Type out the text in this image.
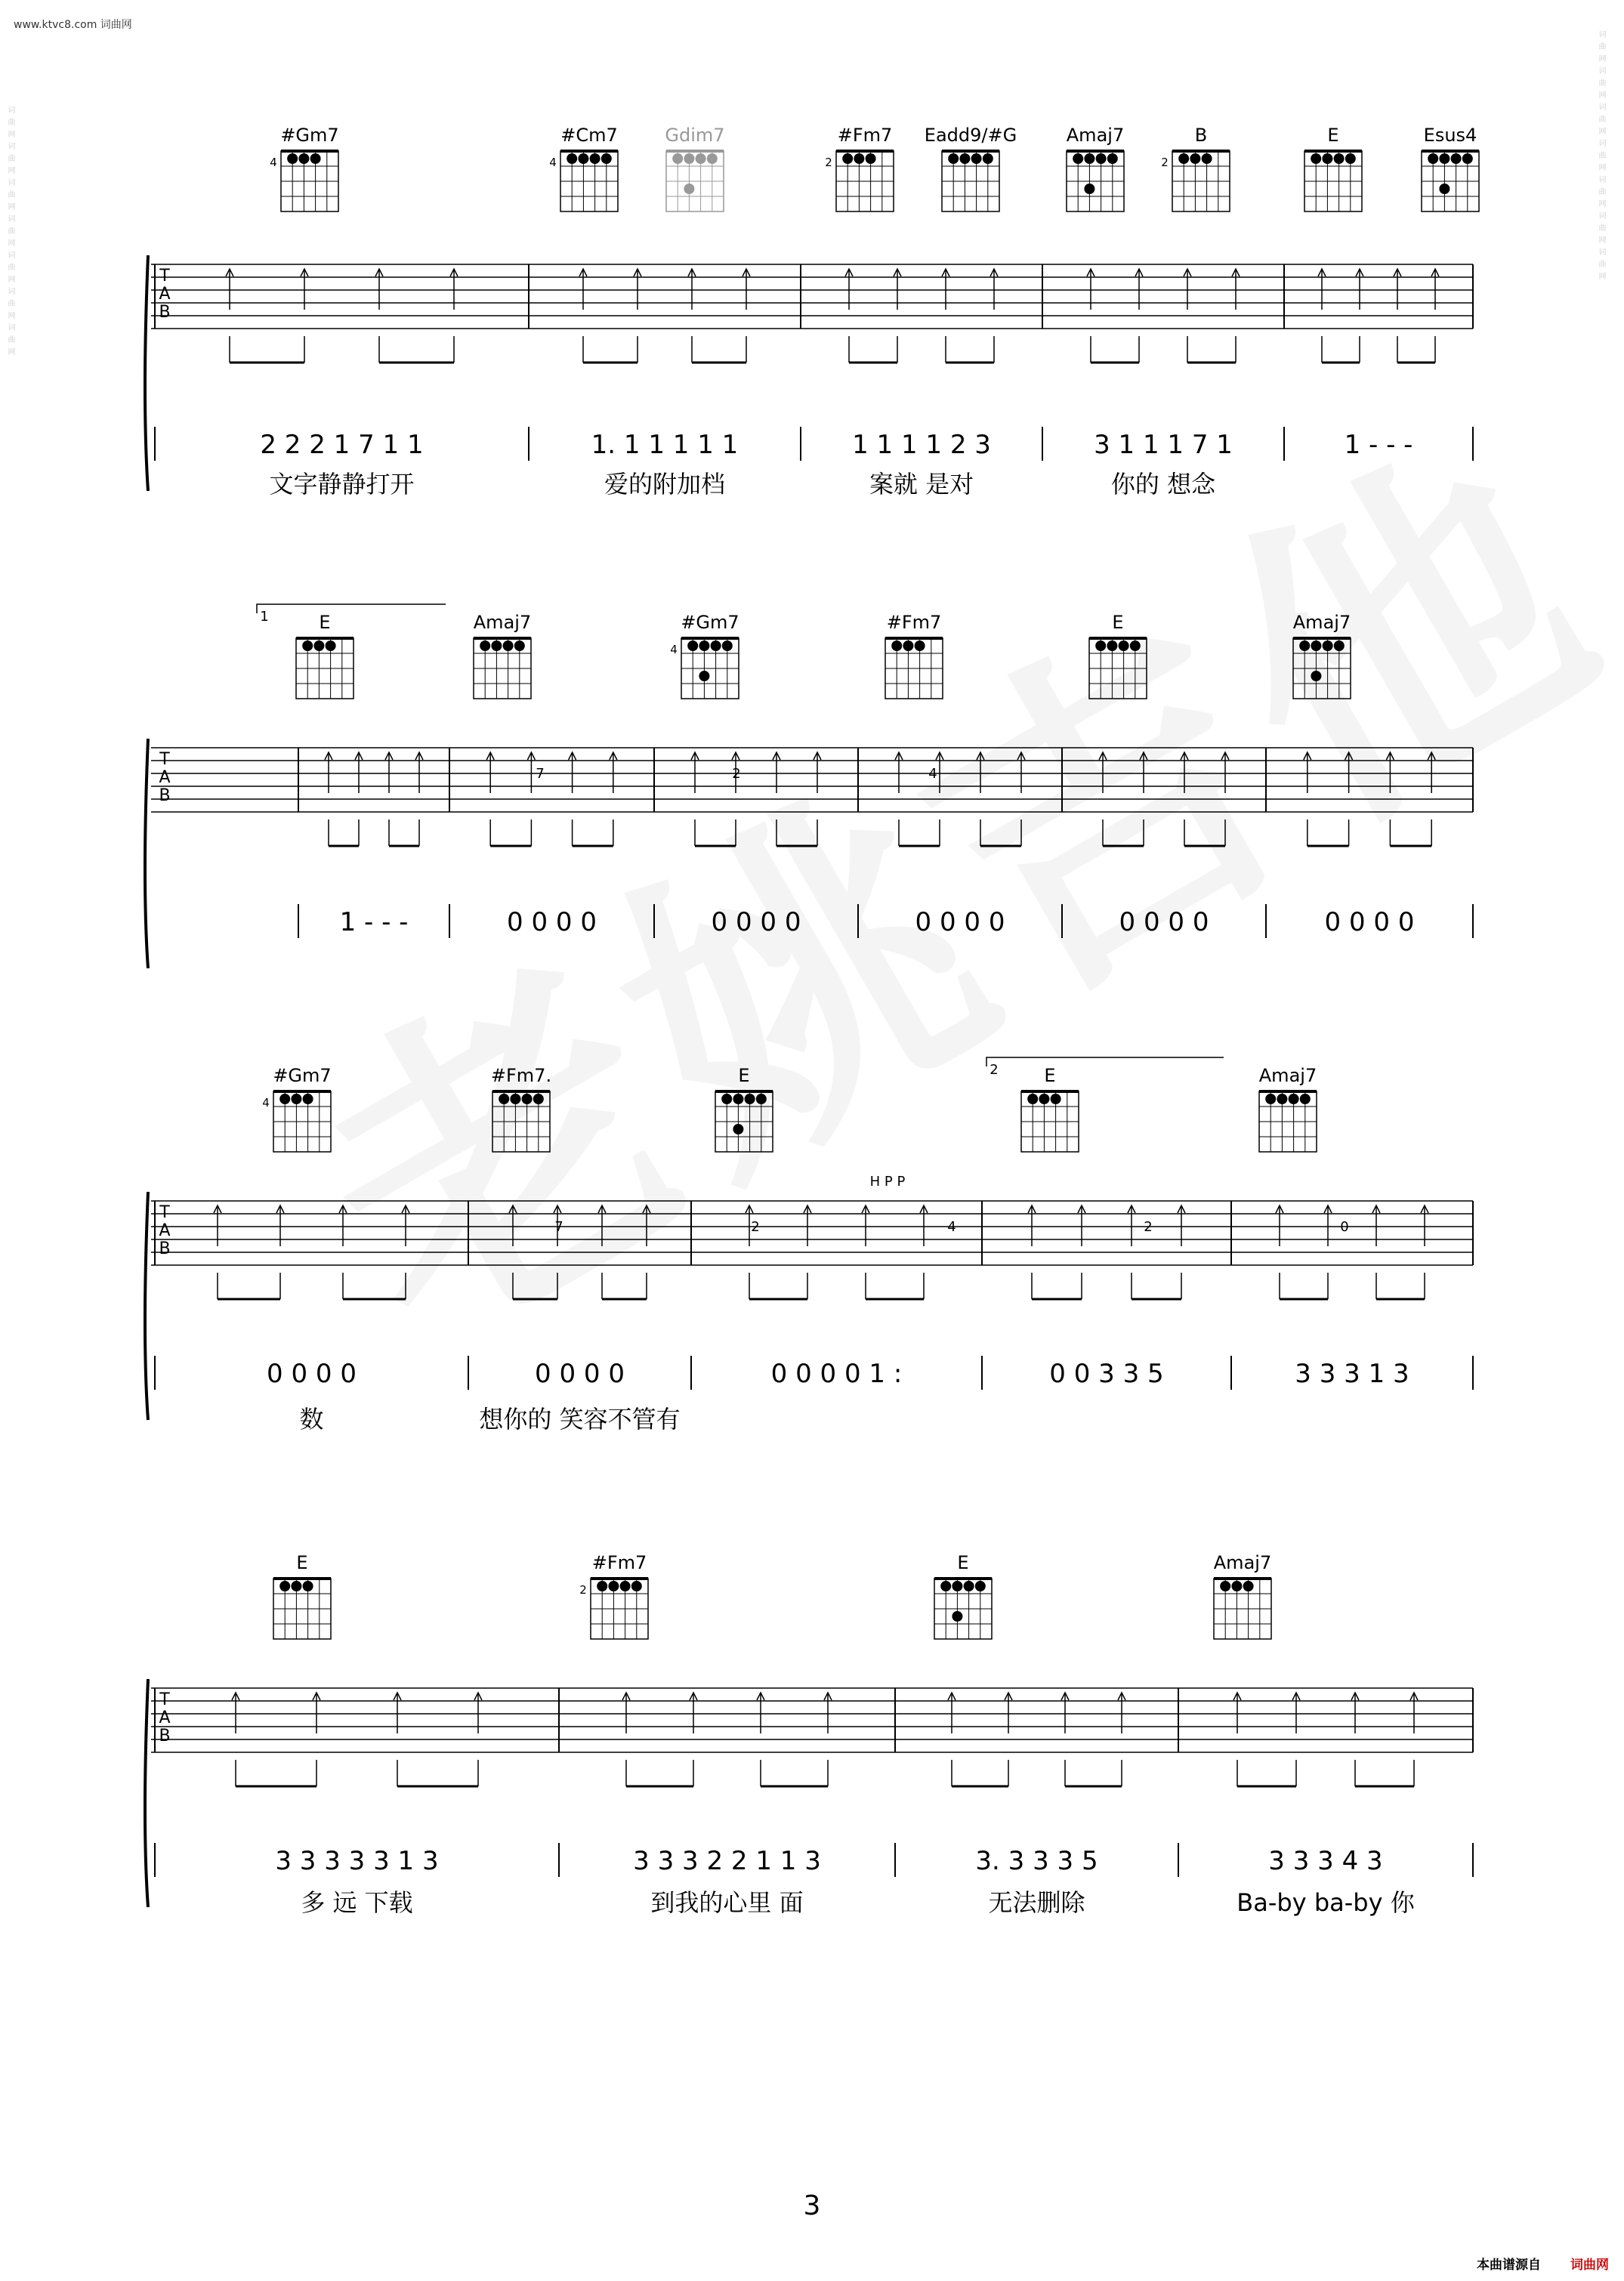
www.ktvc8.com 词曲网
词曲网词曲网词曲网词曲网词曲网词曲网词曲网
词曲网词曲网词曲网词曲网词曲网词曲网词曲网	T
A
B
#Gm7
4
#Cm7
4
Gdim7	#Fm7
2
Eadd9/#G	Amaj7	B
2
E	Esus4
2 2 2 1 7 1 1	1. 1 1 1 1 1	1 1 1 1 2 3	3 1 1 1 7 1	1 - - -
文字静静打开	爱的附加档	案就 是对	你的 想念
T
A
B
1	E	Amaj7	#Gm7
4
#Fm7	E	Amaj7
7	2	4
1 - - -	0 0 0 0	0 0 0 0	0 0 0 0	0 0 0 0	0 0 0 0
T
A
B
2
#Gm7
4
#Fm7.	E	E	Amaj7
7	2	4	2	0
H P P
0 0 0 0	0 0 0 0	0 0 0 0 1 :	0 0 3 3 5	3 3 3 1 3
数	想你的 笑容不管有
T
A
B
E	#Fm7
2
E	Amaj7
3 3 3 3 3 1 3	3 3 3 2 2 1 1 3	3. 3 3 3 5	3 3 3 4 3
多 远 下载	到我的心里 面	无法删除	Ba-by ba-by 你
3
本曲谱源自 词曲网
